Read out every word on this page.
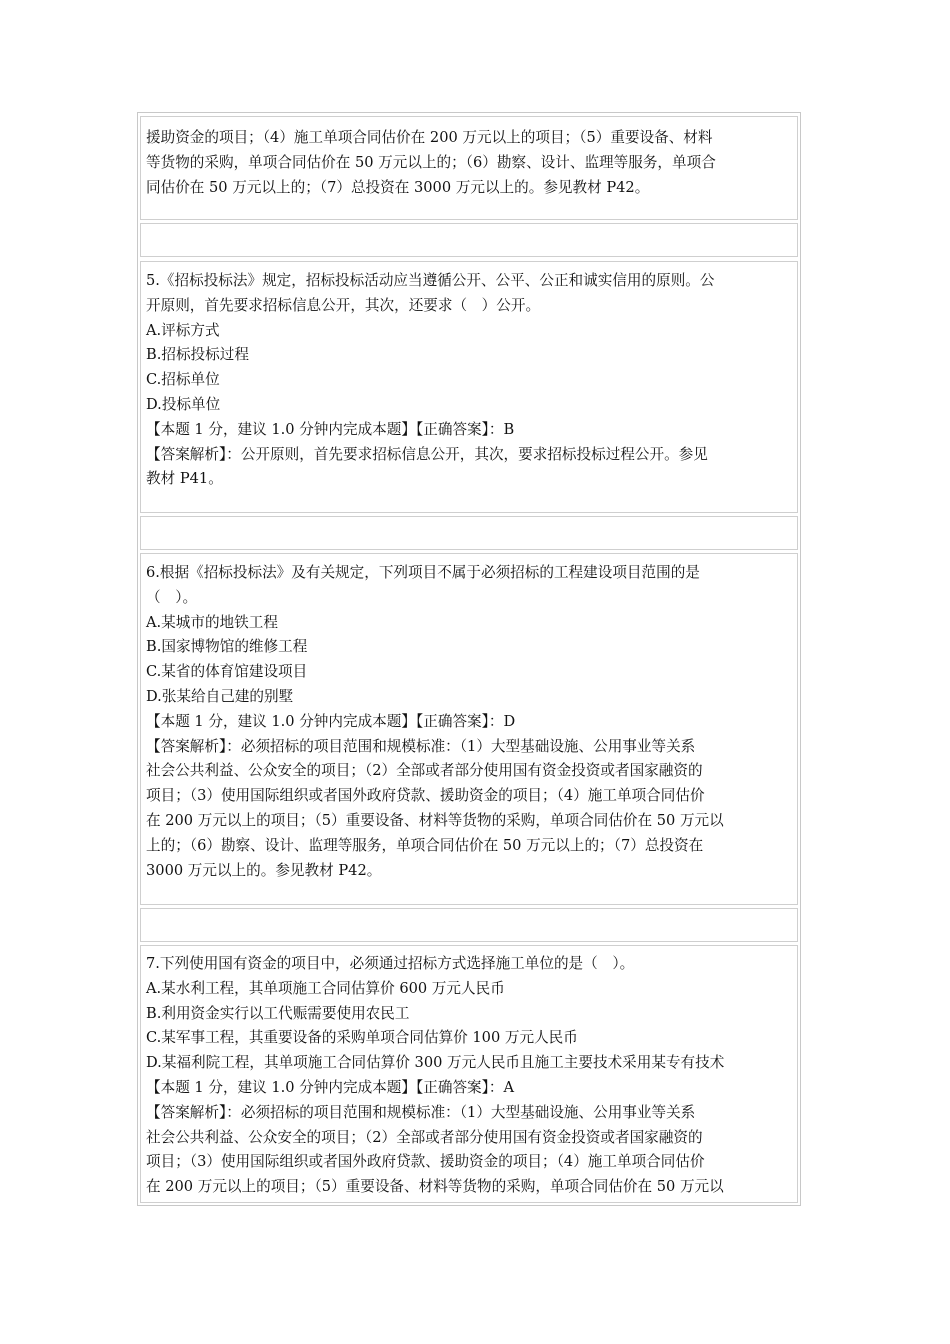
援助资金的项目；（4）施工单项合同估价在 200 万元以上的项目；（5）重要设备、材料
等货物的采购，单项合同估价在 50 万元以上的；（6）勘察、设计、监理等服务，单项合
同估价在 50 万元以上的；（7）总投资在 3000 万元以上的。参见教材 P42。
5.《招标投标法》规定，招标投标活动应当遵循公开、公平、公正和诚实信用的原则。公
开原则，首先要求招标信息公开，其次，还要求（　）公开。
A.评标方式
B.招标投标过程
C.招标单位
D.投标单位
【本题 1 分，建议 1.0 分钟内完成本题】【正确答案】：B
【答案解析】：公开原则，首先要求招标信息公开，其次，要求招标投标过程公开。参见
教材 P41。
6.根据《招标投标法》及有关规定，下列项目不属于必须招标的工程建设项目范围的是
（　）。
A.某城市的地铁工程
B.国家博物馆的维修工程
C.某省的体育馆建设项目
D.张某给自己建的别墅
【本题 1 分，建议 1.0 分钟内完成本题】【正确答案】：D
【答案解析】：必须招标的项目范围和规模标准：（1）大型基础设施、公用事业等关系
社会公共利益、公众安全的项目；（2）全部或者部分使用国有资金投资或者国家融资的
项目；（3）使用国际组织或者国外政府贷款、援助资金的项目；（4）施工单项合同估价
在 200 万元以上的项目；（5）重要设备、材料等货物的采购，单项合同估价在 50 万元以
上的；（6）勘察、设计、监理等服务，单项合同估价在 50 万元以上的；（7）总投资在
3000 万元以上的。参见教材 P42。
7.下列使用国有资金的项目中，必须通过招标方式选择施工单位的是（　）。
A.某水利工程，其单项施工合同估算价 600 万元人民币
B.利用资金实行以工代赈需要使用农民工
C.某军事工程，其重要设备的采购单项合同估算价 100 万元人民币
D.某福利院工程，其单项施工合同估算价 300 万元人民币且施工主要技术采用某专有技术
【本题 1 分，建议 1.0 分钟内完成本题】【正确答案】：A
【答案解析】：必须招标的项目范围和规模标准：（1）大型基础设施、公用事业等关系
社会公共利益、公众安全的项目；（2）全部或者部分使用国有资金投资或者国家融资的
项目；（3）使用国际组织或者国外政府贷款、援助资金的项目；（4）施工单项合同估价
在 200 万元以上的项目；（5）重要设备、材料等货物的采购，单项合同估价在 50 万元以
